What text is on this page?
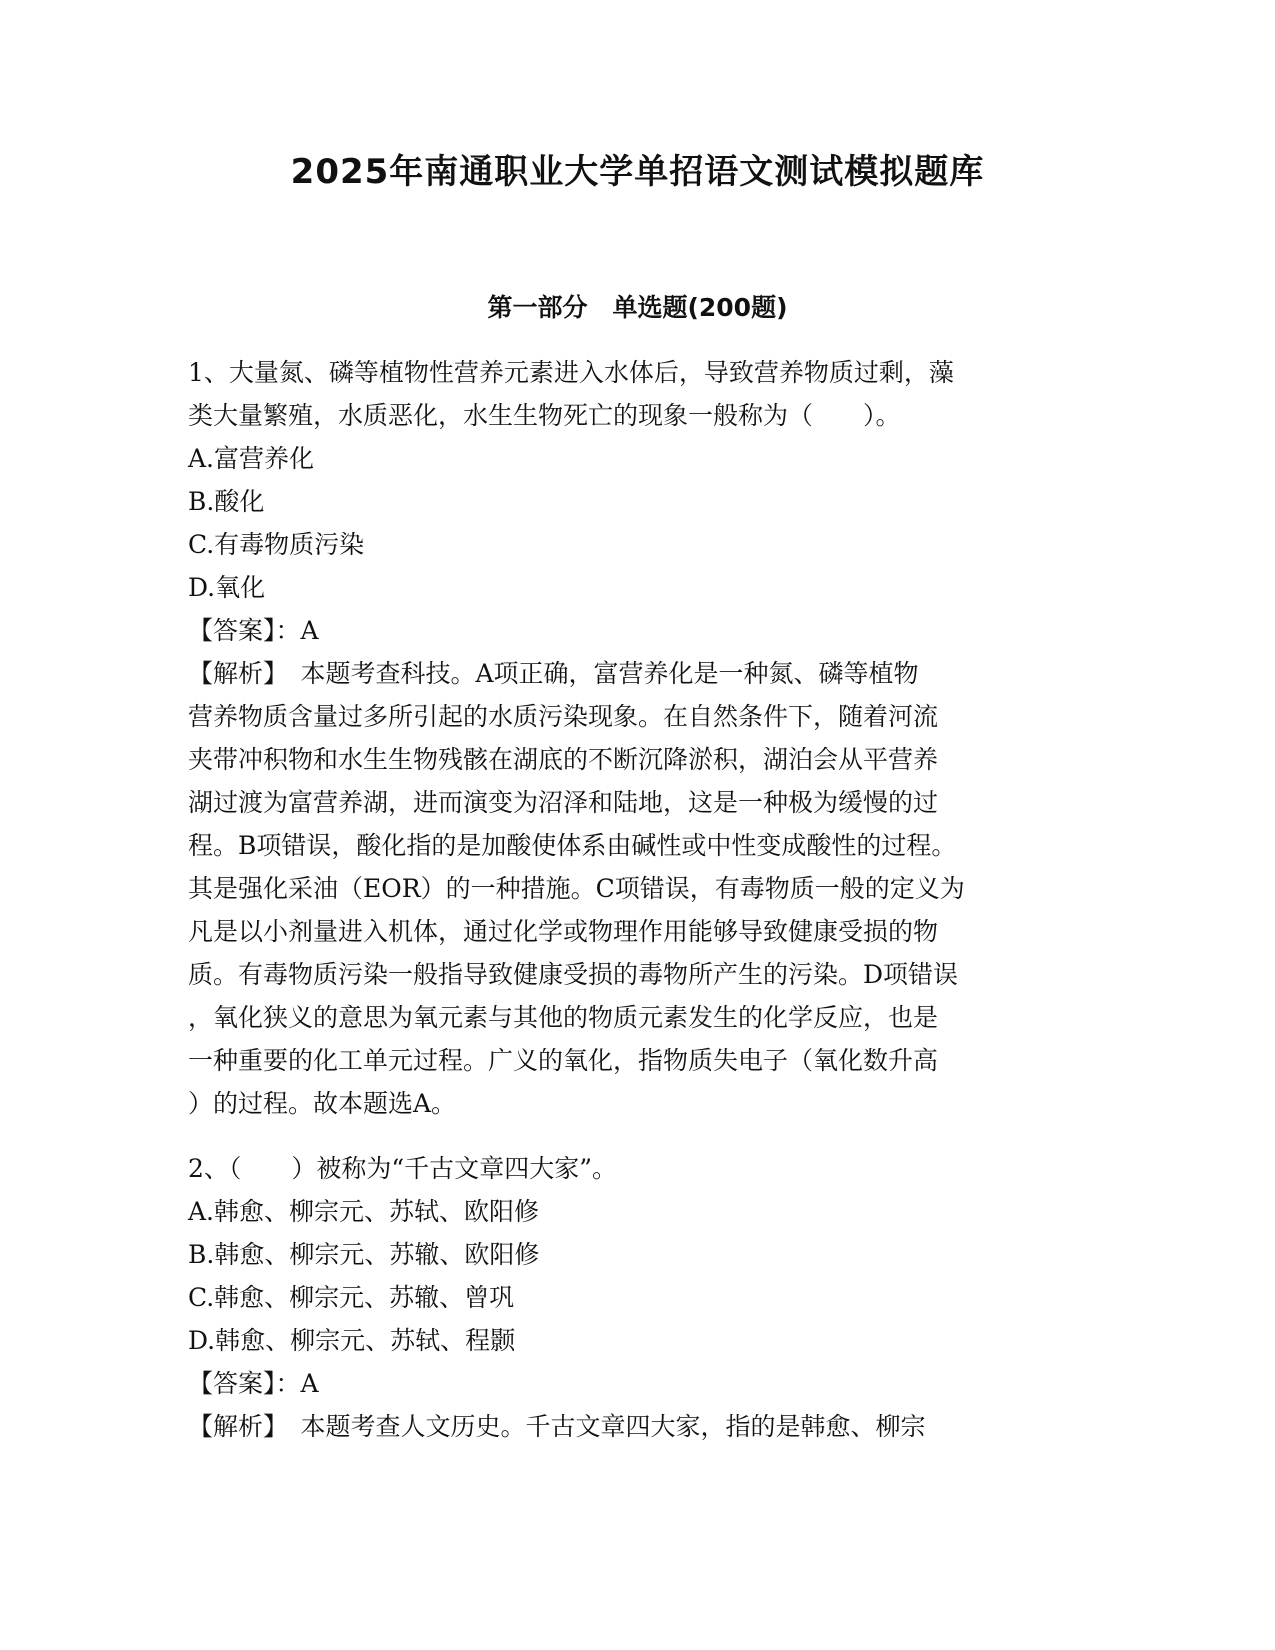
2025年南通职业大学单招语文测试模拟题库
第一部分　单选题(200题)
1、大量氮、磷等植物性营养元素进入水体后，导致营养物质过剩，藻
类大量繁殖，水质恶化，水生生物死亡的现象一般称为（　　）。
A.富营养化
B.酸化
C.有毒物质污染
D.氧化
【答案】：A
【解析】　本题考查科技。A项正确，富营养化是一种氮、磷等植物
营养物质含量过多所引起的水质污染现象。在自然条件下，随着河流
夹带冲积物和水生生物残骸在湖底的不断沉降淤积，湖泊会从平营养
湖过渡为富营养湖，进而演变为沼泽和陆地，这是一种极为缓慢的过
程。B项错误，酸化指的是加酸使体系由碱性或中性变成酸性的过程。
其是强化采油（EOR）的一种措施。C项错误，有毒物质一般的定义为
凡是以小剂量进入机体，通过化学或物理作用能够导致健康受损的物
质。有毒物质污染一般指导致健康受损的毒物所产生的污染。D项错误
，氧化狭义的意思为氧元素与其他的物质元素发生的化学反应，也是
一种重要的化工单元过程。广义的氧化，指物质失电子（氧化数升高
）的过程。故本题选A。
2、（　　）被称为“千古文章四大家”。
A.韩愈、柳宗元、苏轼、欧阳修
B.韩愈、柳宗元、苏辙、欧阳修
C.韩愈、柳宗元、苏辙、曾巩
D.韩愈、柳宗元、苏轼、程颢
【答案】：A
【解析】　本题考查人文历史。千古文章四大家，指的是韩愈、柳宗
